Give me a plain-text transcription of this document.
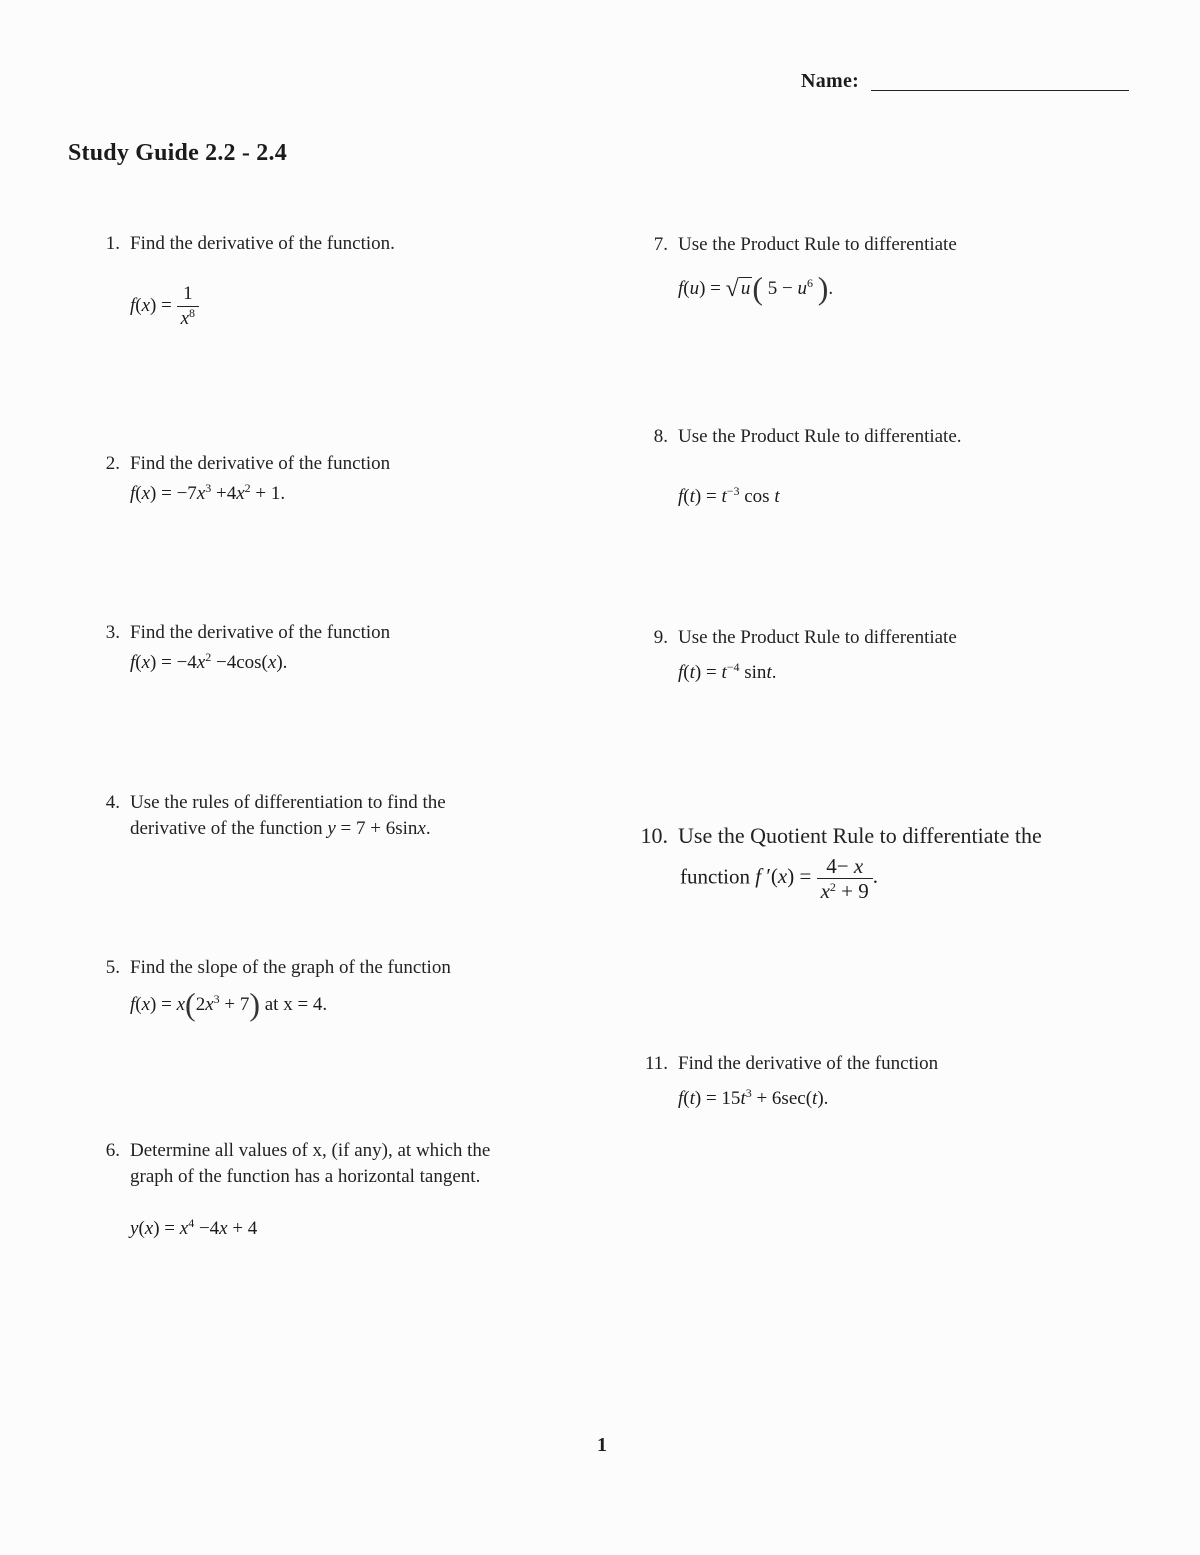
Name:
Study Guide 2.2 - 2.4
1. Find the derivative of the function.
$f(x) = \frac{1}{x^8}$
2. Find the derivative of the function
$f(x) = -7x^3 +4x^2 + 1$.
3. Find the derivative of the function
$f(x) = -4x^2 -4\cos(x)$.
4. Use the rules of differentiation to find the
derivative of the function y = 7 + 6sinx.
5. Find the slope of the graph of the function
$f(x) = x(2x^3 + 7)$ at x = 4.
6. Determine all values of x, (if any), at which the
graph of the function has a horizontal tangent.
$y(x) = x^4 -4x + 4$
7. Use the Product Rule to differentiate
f(u) = √ u( $5 - u^6$ ).
8. Use the Product Rule to differentiate.
$f(t) = t^{-3}$ cos t
9. Use the Product Rule to differentiate
$f(t) = t^{-4}$ sint.
10. Use the Quotient Rule to differentiate the
function f $'(x) = \frac{4- x}{x^2 + 9}$ .
11. Find the derivative of the function
$f(t) = 15t^3 + 6\sec(t)$.
1
